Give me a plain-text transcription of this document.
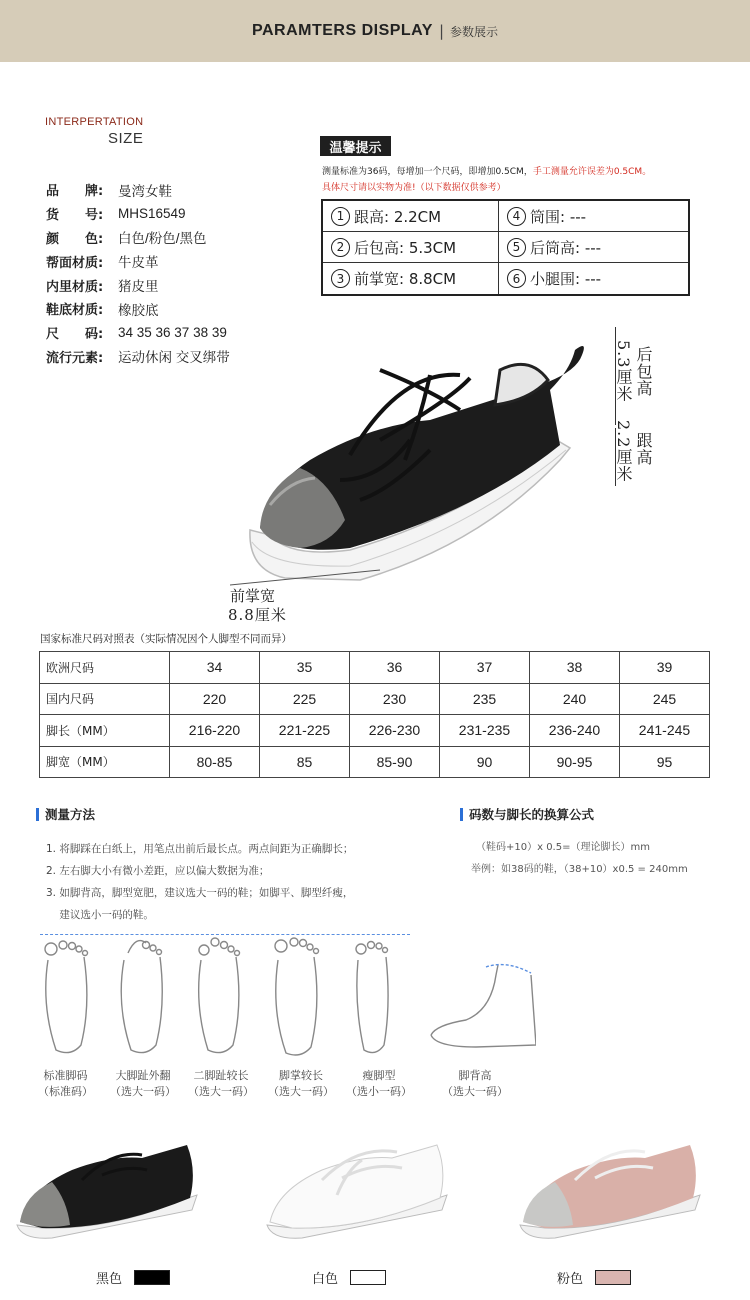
PARAMTERS DISPLAY | 参数展示
INTERPERTATION
SIZE
品　　牌:	曼湾女鞋
货　　号:	MHS16549
颜　　色:	白色/粉色/黑色
帮面材质:	牛皮革
内里材质:	猪皮里
鞋底材质:	橡胶底
尺　　码:	34 35 36 37 38 39
流行元素:	运动休闲 交叉绑带
温馨提示
测量标准为36码，每增加一个尺码，即增加0.5CM，手工测量允许误差为0.5CM。
具体尺寸请以实物为准!（以下数据仅供参考）
1 跟高: 2.2CM	4 筒围: ---
2 后包高: 5.3CM	5 后筒高: ---
3 前掌宽: 8.8CM	6 小腿围: ---
后包高
5.3厘米
跟高
2.2厘米
前掌宽
8.8厘米
国家标准尺码对照表（实际情况因个人脚型不同而异）
欧洲尺码	34	35	36	37	38	39
国内尺码	220	225	230	235	240	245
脚长（MM）	216-220	221-225	226-230	231-235	236-240	241-245
脚宽（MM）	80-85	85	85-90	90	90-95	95
测量方法
1. 将脚踩在白纸上，用笔点出前后最长点。两点间距为正确脚长；
2. 左右脚大小有微小差距，应以偏大数据为准；
3. 如脚背高，脚型宽肥，建议选大一码的鞋；如脚平、脚型纤瘦，
建议选小一码的鞋。
码数与脚长的换算公式
（鞋码+10）x 0.5=（理论脚长）mm
举例：如38码的鞋，（38+10）x0.5 = 240mm
标准脚码
（标准码）
大脚趾外翻
（选大一码）
二脚趾较长
（选大一码）
脚掌较长
（选大一码）
瘦脚型
（选小一码）
脚背高
（选大一码）
黑色	白色	粉色
